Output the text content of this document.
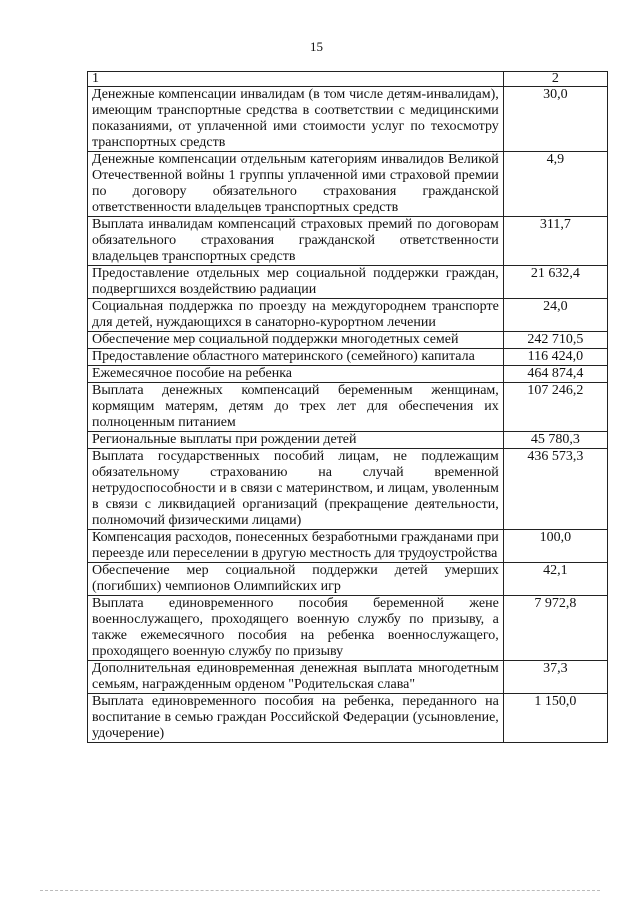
15
1	2
Денежные компенсации инвалидам (в том числе детям-инвалидам), имеющим транспортные средства в соответствии с медицинскими показаниями, от уплаченной ими стоимости услуг по техосмотру транспортных средств	30,0
Денежные компенсации отдельным категориям инвалидов Великой Отечественной войны 1 группы уплаченной ими страховой премии по договору обязательного страхования гражданской ответственности владельцев транспортных средств	4,9
Выплата инвалидам компенсаций страховых премий по договорам обязательного страхования гражданской ответственности владельцев транспортных средств	311,7
Предоставление отдельных мер социальной поддержки граждан, подвергшихся воздействию радиации	21 632,4
Социальная поддержка по проезду на междугороднем транспорте для детей, нуждающихся в санаторно-курортном лечении	24,0
Обеспечение мер социальной поддержки многодетных семей	242 710,5
Предоставление областного материнского (семейного) капитала	116 424,0
Ежемесячное пособие на ребенка	464 874,4
Выплата денежных компенсаций беременным женщинам, кормящим матерям, детям до трех лет для обеспечения их полноценным питанием	107 246,2
Региональные выплаты при рождении детей	45 780,3
Выплата государственных пособий лицам, не подлежащим обязательному страхованию на случай временной нетрудоспособности и в связи с материнством, и лицам, уволенным в связи с ликвидацией организаций (прекращение деятельности, полномочий физическими лицами)	436 573,3
Компенсация расходов, понесенных безработными гражданами при переезде или переселении в другую местность для трудоустройства	100,0
Обеспечение мер социальной поддержки детей умерших (погибших) чемпионов Олимпийских игр	42,1
Выплата единовременного пособия беременной жене военнослужащего, проходящего военную службу по призыву, а также ежемесячного пособия на ребенка военнослужащего, проходящего военную службу по призыву	7 972,8
Дополнительная единовременная денежная выплата многодетным семьям, награжденным орденом "Родительская слава"	37,3
Выплата единовременного пособия на ребенка, переданного на воспитание в семью граждан Российской Федерации (усыновление, удочерение)	1 150,0
